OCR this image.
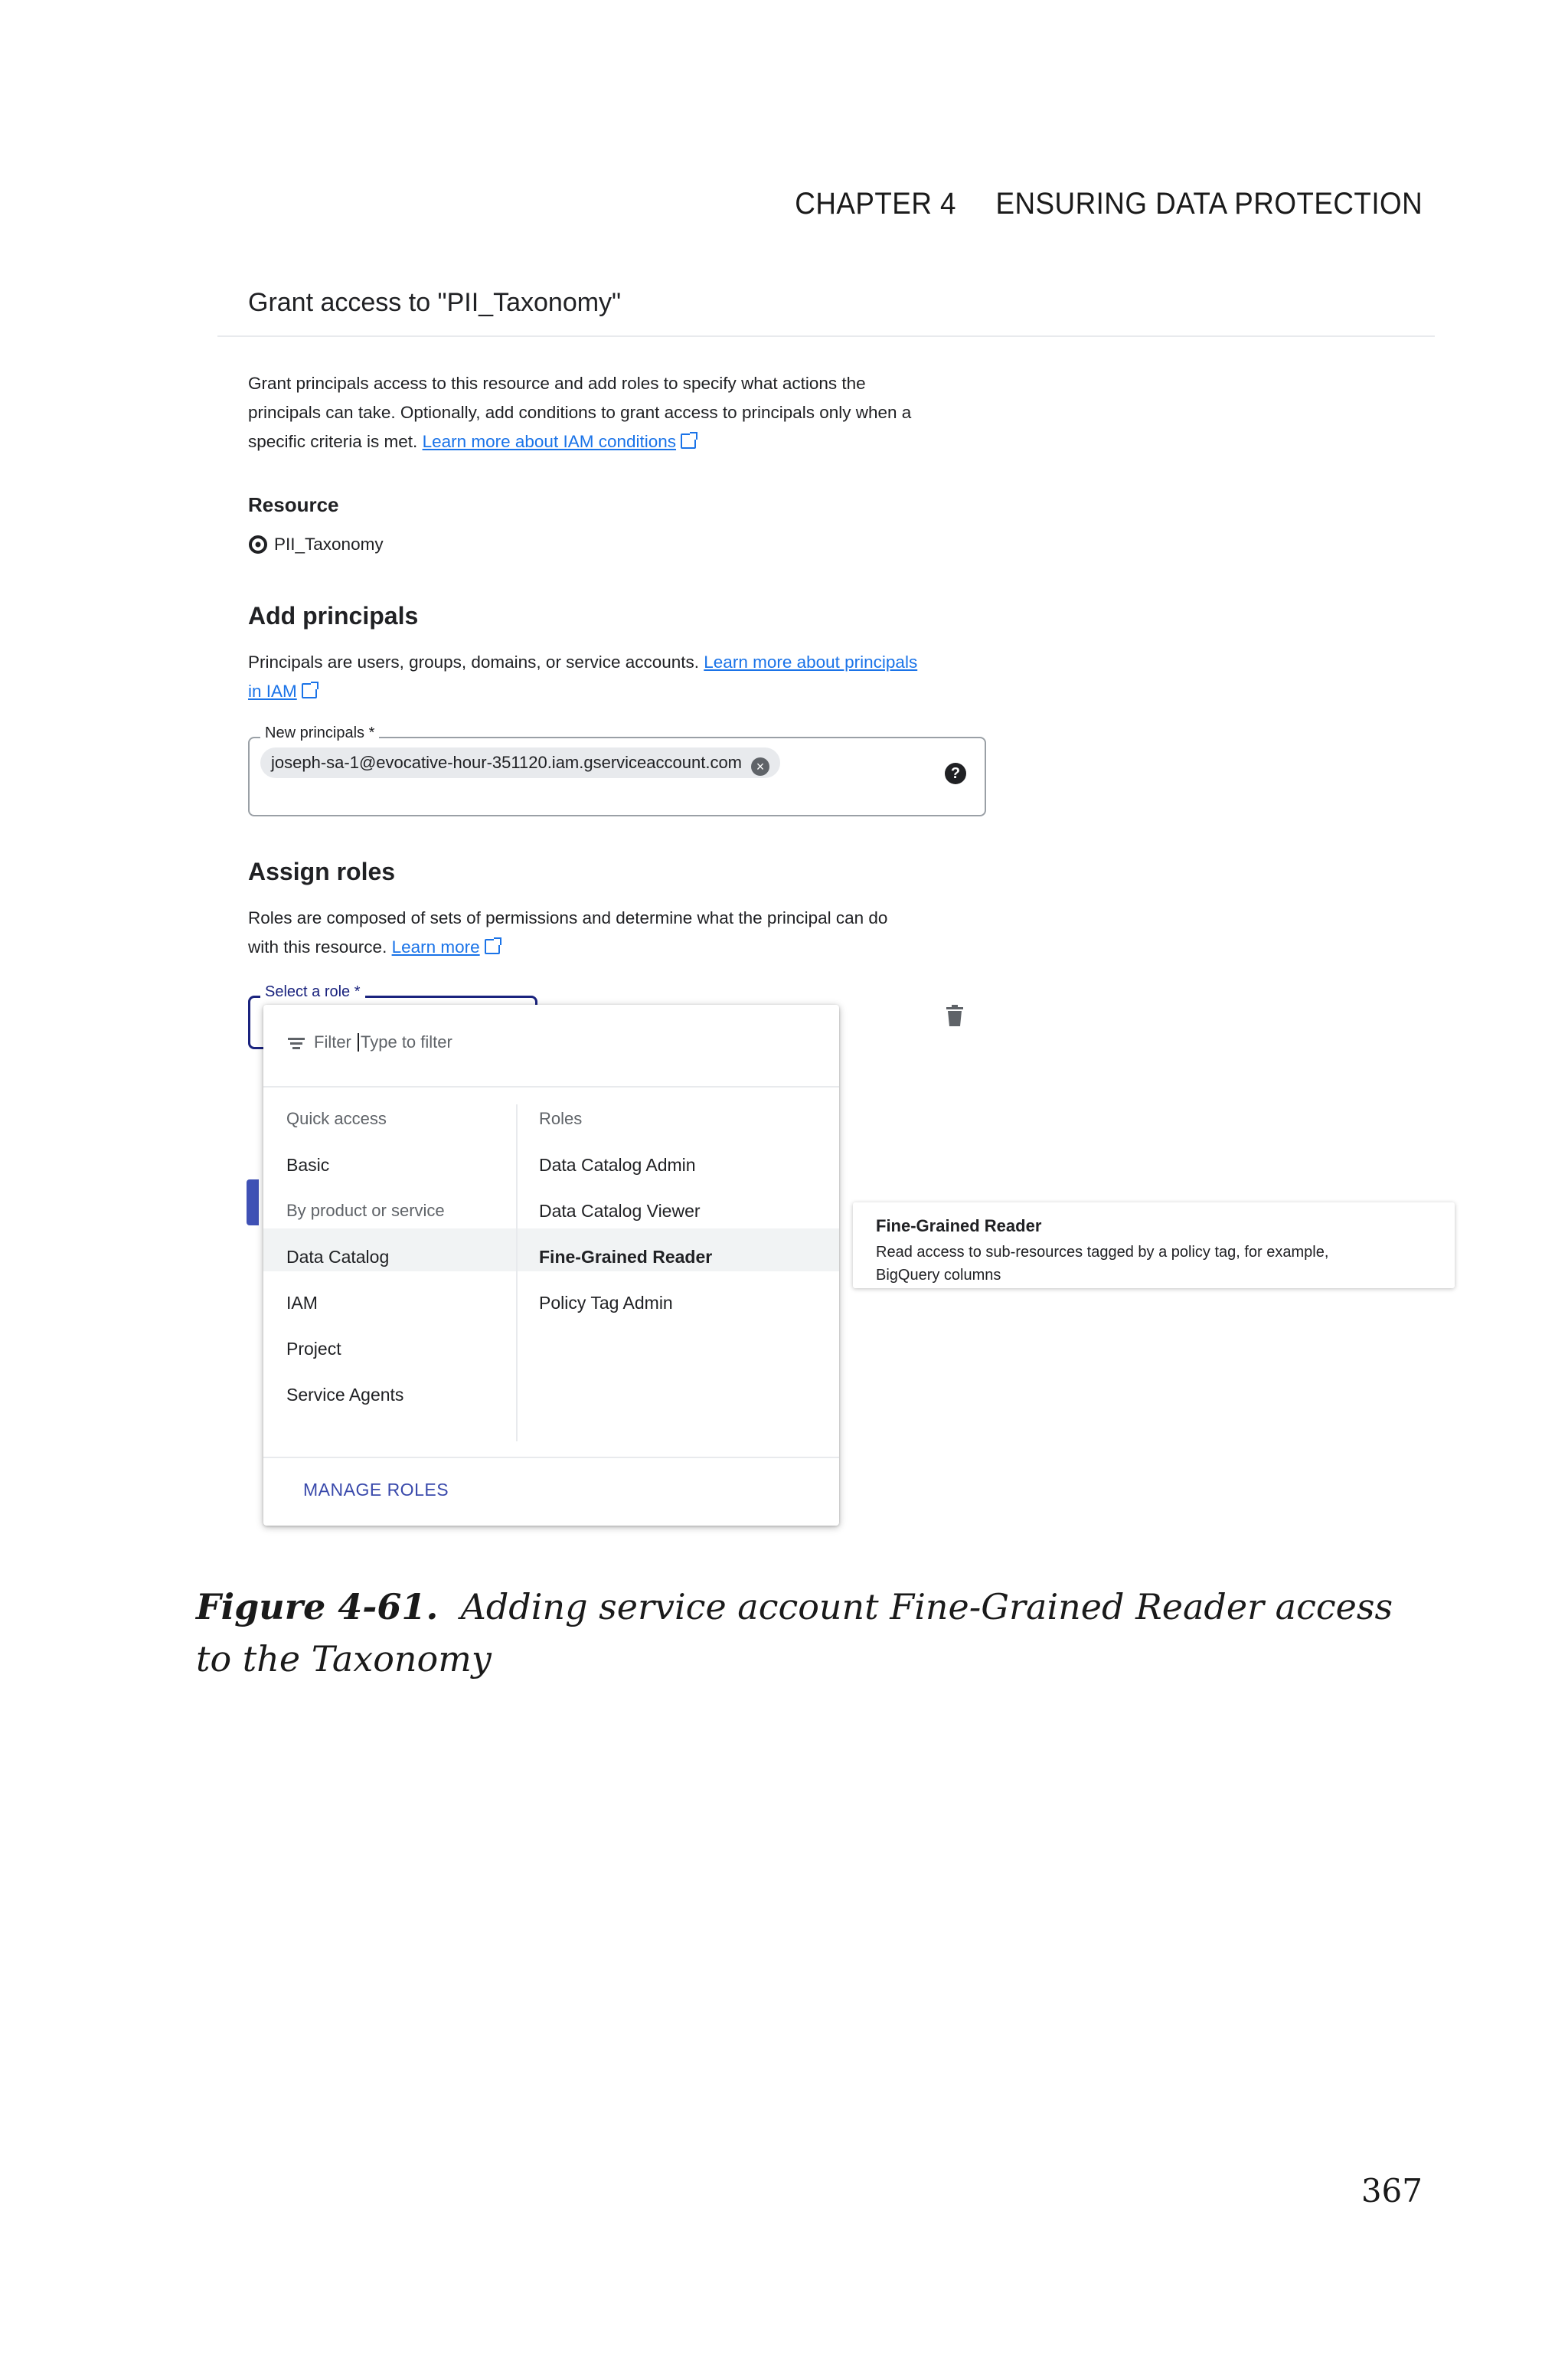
CHAPTER 4 ENSURING DATA PROTECTION
Grant access to "PII_Taxonomy"
Grant principals access to this resource and add roles to specify what actions the
principals can take. Optionally, add conditions to grant access to principals only when a
specific criteria is met. Learn more about IAM conditions
Resource
PII_Taxonomy
Add principals
Principals are users, groups, domains, or service accounts. Learn more about principals
in IAM
New principals *
joseph-sa-1@evocative-hour-351120.iam.gserviceaccount.com ×	?
Assign roles
Roles are composed of sets of permissions and determine what the principal can do
with this resource. Learn more
Select a role *
Filter Type to filter
Quick access
Basic
By product or service
Data Catalog
IAM
Project
Service Agents
Roles
Data Catalog Admin
Data Catalog Viewer
Fine-Grained Reader
Policy Tag Admin
MANAGE ROLES
Fine-Grained Reader
Read access to sub-resources tagged by a policy tag, for example,
BigQuery columns
Figure 4-61. Adding service account Fine-Grained Reader access to the Taxonomy
367
